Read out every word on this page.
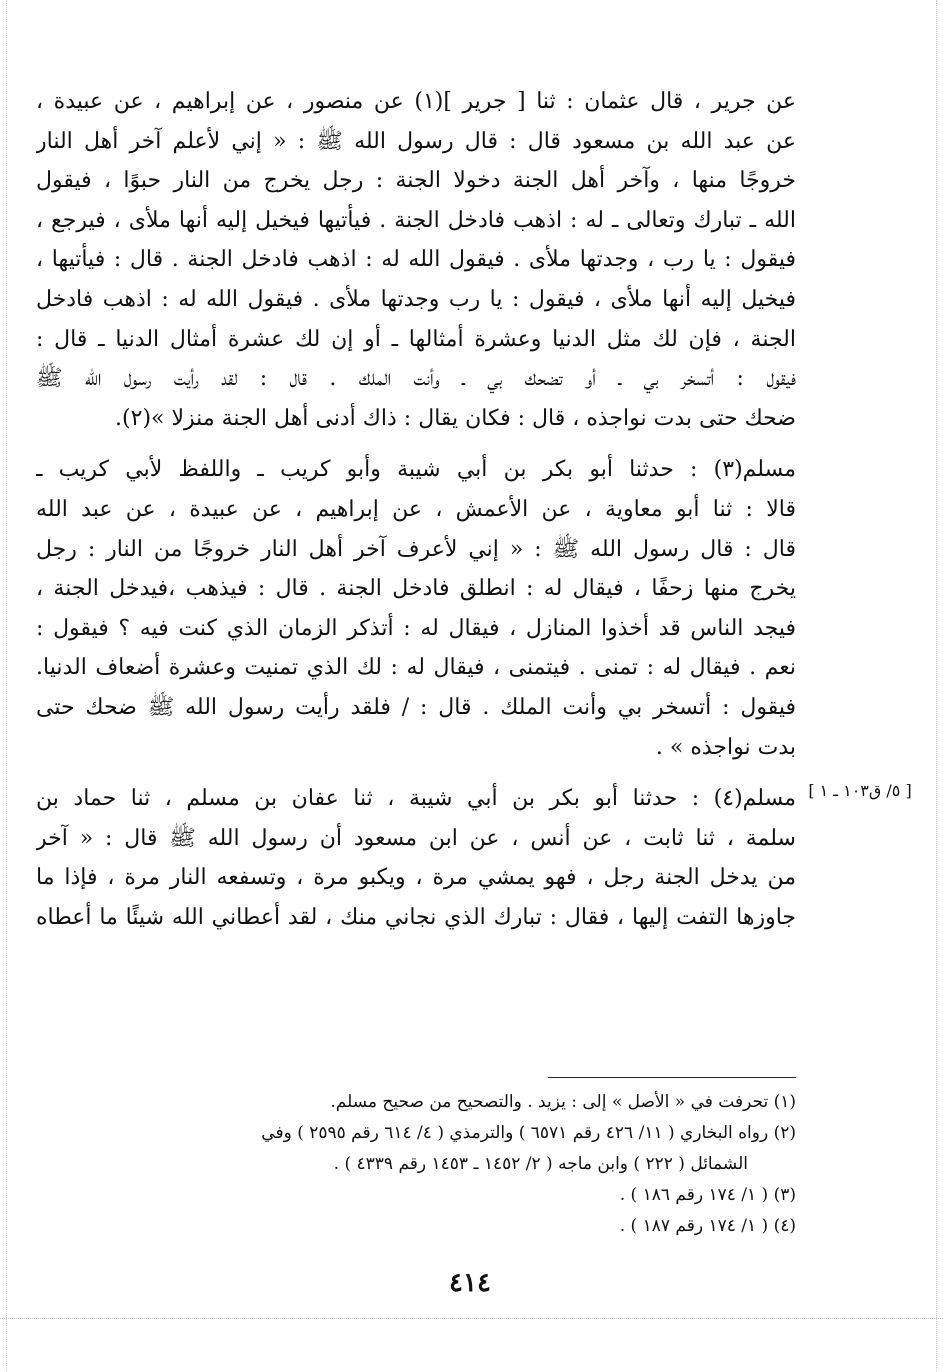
عن جرير ، قال عثمان : ثنا [ جرير ](١) عن منصور ، عن إبراهيم ، عن عبيدة ،
عن عبد الله بن مسعود قال : قال رسول الله ﷺ : « إني لأعلم آخر أهل النار
خروجًا منها ، وآخر أهل الجنة دخولا الجنة : رجل يخرج من النار حبوًا ، فيقول
الله ـ تبارك وتعالى ـ له : اذهب فادخل الجنة . فيأتيها فيخيل إليه أنها ملأى ، فيرجع ،
فيقول : يا رب ، وجدتها ملأى . فيقول الله له : اذهب فادخل الجنة . قال : فيأتيها ،
فيخيل إليه أنها ملأى ، فيقول : يا رب وجدتها ملأى . فيقول الله له : اذهب فادخل
الجنة ، فإن لك مثل الدنيا وعشرة أمثالها ـ أو إن لك عشرة أمثال الدنيا ـ قال :
فيقول : أتسخر بي ـ أو تضحك بي ـ وأنت الملك . قال : لقد رأيت رسول الله ﷺ
ضحك حتى بدت نواجذه ، قال : فكان يقال : ذاك أدنى أهل الجنة منزلا »(٢).
مسلم(٣) : حدثنا أبو بكر بن أبي شيبة وأبو كريب ـ واللفظ لأبي كريب ـ
قالا : ثنا أبو معاوية ، عن الأعمش ، عن إبراهيم ، عن عبيدة ، عن عبد الله
قال : قال رسول الله ﷺ : « إني لأعرف آخر أهل النار خروجًا من النار : رجل
يخرج منها زحفًا ، فيقال له : انطلق فادخل الجنة . قال : فيذهب ،فيدخل الجنة ،
فيجد الناس قد أخذوا المنازل ، فيقال له : أتذكر الزمان الذي كنت فيه ؟ فيقول :
نعم . فيقال له : تمنى . فيتمنى ، فيقال له : لك الذي تمنيت وعشرة أضعاف الدنيا.
فيقول : أتسخر بي وأنت الملك . قال : / فلقد رأيت رسول الله ﷺ ضحك حتى
بدت نواجذه » .
مسلم(٤) : حدثنا أبو بكر بن أبي شيبة ، ثنا عفان بن مسلم ، ثنا حماد بن
سلمة ، ثنا ثابت ، عن أنس ، عن ابن مسعود أن رسول الله ﷺ قال : « آخر
من يدخل الجنة رجل ، فهو يمشي مرة ، ويكبو مرة ، وتسفعه النار مرة ، فإذا ما
جاوزها التفت إليها ، فقال : تبارك الذي نجاني منك ، لقد أعطاني الله شيئًا ما أعطاه
[ ٥/ ق١٠٣ ـ ١ ]
(١) تحرفت في « الأصل » إلى : يزيد . والتصحيح من صحيح مسلم.
(٢) رواه البخاري ( ١١/ ٤٢٦ رقم ٦٥٧١ ) والترمذي ( ٤/ ٦١٤ رقم ٢٥٩٥ ) وفي
الشمائل ( ٢٢٢ ) وابن ماجه ( ٢/ ١٤٥٢ ـ ١٤٥٣ رقم ٤٣٣٩ ) .
(٣) ( ١/ ١٧٤ رقم ١٨٦ ) .
(٤) ( ١/ ١٧٤ رقم ١٨٧ ) .
٤١٤
